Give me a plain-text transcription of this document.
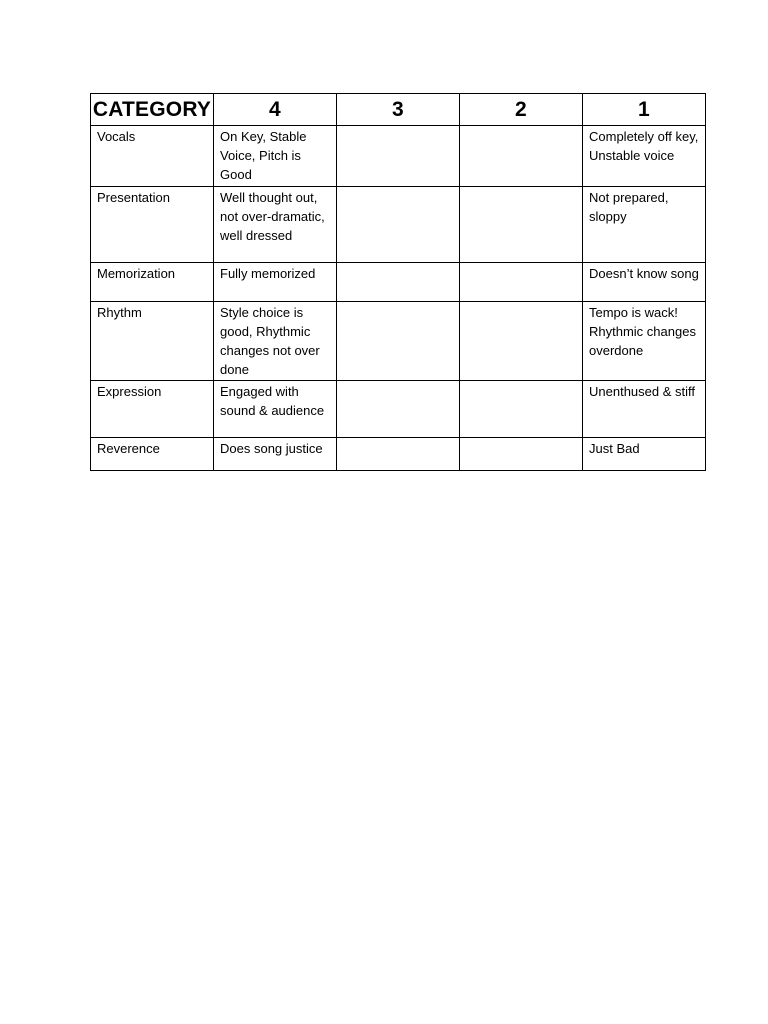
CATEGORY	4	3	2	1
Vocals	On Key, Stable Voice, Pitch is Good			Completely off key, Unstable voice
Presentation	Well thought out, not over-dramatic, well dressed			Not prepared, sloppy
Memorization	Fully memorized			Doesn’t know song
Rhythm	Style choice is good, Rhythmic changes not over done			Tempo is wack! Rhythmic changes overdone
Expression	Engaged with sound & audience			Unenthused & stiff
Reverence	Does song justice			Just Bad
